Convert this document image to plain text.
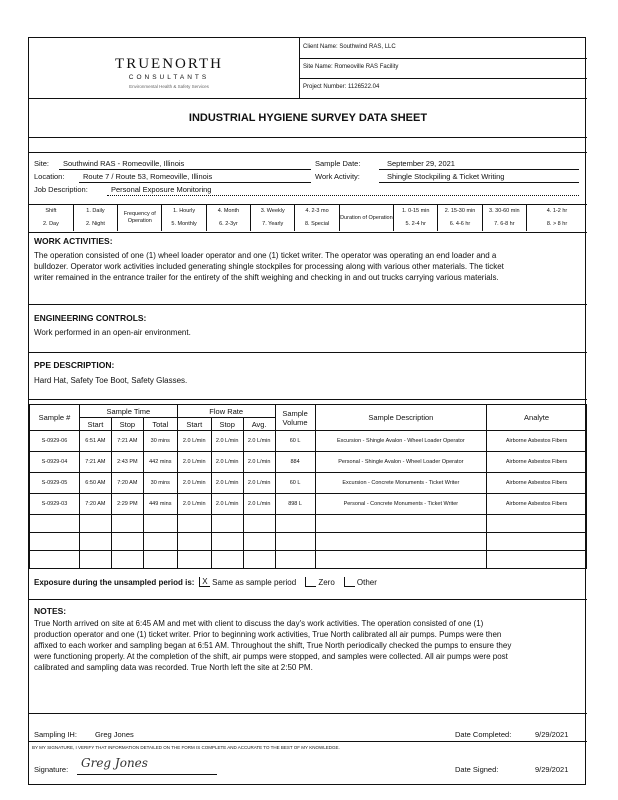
TRUENORTH
CONSULTANTS
Environmental Health & Safety Services
Client Name: Southwind RAS, LLC
Site Name: Romeoville RAS Facility
Project Number: 1126522.04
INDUSTRIAL HYGIENE SURVEY DATA SHEET
Site: Southwind RAS - Romeoville, Illinois	Sample Date:	September 29, 2021
Location: Route 7 / Route 53, Romeoville, Illinois	Work Activity:	Shingle Stockpiling & Ticket Writing
Job Description:	Personal Exposure Monitoring
Shift	1. Daily	Frequency of Operation	1. Hourly	4. Month	3. Weekly	4. 2-3 mo	Duration of Operation	1. 0-15 min	2. 15-30 min	3. 30-60 min	4. 1-2 hr
2. Day	2. Night		5. Monthly	6. 2-3yr	7. Yearly	8. Special		5. 2-4 hr	6. 4-6 hr	7. 6-8 hr	8. > 8 hr
WORK ACTIVITIES:
The operation consisted of one (1) wheel loader operator and one (1) ticket writer. The operator was operating an end loader and a
bulldozer. Operator work activities included generating shingle stockpiles for processing along with various other materials. The ticket
writer remained in the entrance trailer for the entirety of the shift weighing and checking in and out trucks carrying various materials.
ENGINEERING CONTROLS:
Work performed in an open-air environment.
PPE DESCRIPTION:
Hard Hat, Safety Toe Boot, Safety Glasses.
Sample #	Sample Time			Flow Rate			Sample Volume	Sample Description	Analyte
	Start	Stop	Total	Start	Stop	Avg.			
S-0929-06	6:51 AM	7:21 AM	30 mins	2.0 L/min	2.0 L/min	2.0 L/min	60 L	Excursion - Shingle Avalon - Wheel Loader Operator	Airborne Asbestos Fibers
S-0929-04	7:21 AM	2:43 PM	442 mins	2.0 L/min	2.0 L/min	2.0 L/min	884	Personal - Shingle Avalon - Wheel Loader Operator	Airborne Asbestos Fibers
S-0929-05	6:50 AM	7:20 AM	30 mins	2.0 L/min	2.0 L/min	2.0 L/min	60 L	Excursion - Concrete Monuments - Ticket Writer	Airborne Asbestos Fibers
S-0929-03	7:20 AM	2:29 PM	449 mins	2.0 L/min	2.0 L/min	2.0 L/min	898 L	Personal - Concrete Monuments - Ticket Writer	Airborne Asbestos Fibers

Exposure during the unsampled period is: X Same as sample period	Zero	Other
NOTES:
True North arrived on site at 6:45 AM and met with client to discuss the day's work activities. The operation consisted of one (1)
production operator and one (1) ticket writer. Prior to beginning work activities, True North calibrated all air pumps. Pumps were then
affixed to each worker and sampling began at 6:51 AM. Throughout the shift, True North periodically checked the pumps to ensure they
were functioning properly. At the completion of the shift, air pumps were stopped, and samples were collected. All air pumps were post
calibrated and sampling data was recorded. True North left the site at 2:50 PM.
Sampling IH: Greg Jones	Date Completed:	9/29/2021
BY MY SIGNATURE, I VERIFY THAT INFORMATION DETAILED ON THE FORM IS COMPLETE AND ACCURATE TO THE BEST OF MY KNOWLEDGE.
Signature: Greg Jones	Date Signed:	9/29/2021
